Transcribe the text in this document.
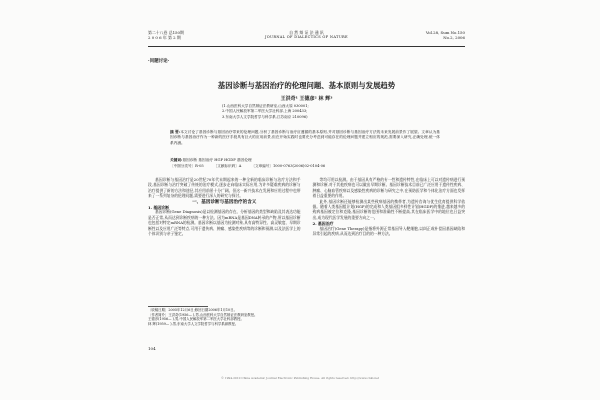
第二十八卷 总150期
2 0 0 6 年 第 2 期
自 然 辩 证 法 通 讯
JOURNAL OF DIALECTICS OF NATURE
Vol.28, Sum No.150
No.2, 2006
·问题讨论·
基因诊断与基因治疗的伦理问题、基本原则与发展趋势
王洪奇¹ 王德彦² 林 辉³
(1.山西医科大学自然辩证法教研室,山西太原 030001;
2.中国人民解放军第二军医大学社科部,上海 200433;
3.东南大学人文学院哲学与科学系,江苏南京 210096)
摘 要:本文讨论了基因诊断与基因治疗带来的伦理问题,分析了基因诊断与治疗应遵循的基本原则,并对基因诊断与基因治疗方法的未来发展前景作了展望。文章认为基因诊断与基因治疗作为一种新的医疗手段具有巨大的应用前景,但在开始实践时也要充分考虑到可能存在的伦理问题并建立相应的规范,需要深入研究,正确处理,统一体系内涵。
关键词:基因诊断 基因治疗 HGP HGDP 基因伦理
〔中图分类号〕R-05	〔文献标识码〕A	〔文章编号〕1000-0763(2006)02-0104-06

基因诊断与基因治疗是20世纪70年代末期起来的一种全新的临床诊断与治疗方法和手段,基因诊断与治疗突破了传统的治疗模式,逐步走向临床实际应用,为许多疑难疾病的诊断与治疗提供了新的方法和途径,其应用前景十分广阔。但这一新兴技术在发展和应用过程中也带来了一系列复杂的伦理问题,需要进行深入的研究与探讨。

一、基因诊断与基因治疗的含义

1. 基因诊断

基因诊断(Gene Diagnosis)是以检测基因的存在、分析基因的类型和缺陷及其表达功能是否正常,从而达到诊断疾病的一种方法。因为mRNA是基因DNA转录的产物,所以基因诊断也包括对特定mRNA的检测。基因诊断以基因为检测对象,具有高特异性、高灵敏度、早期诊断性以及应用广泛等特点,可用于遗传病、肿瘤、感染性疾病等的诊断和预测,以及法医学上的个体识别与亲子鉴定。

等均可用以检测。由于基因具有严格的专一性和遗传特性,在临床上可以对遗传病进行预测和诊断,对于其他疾病也可以做出早期诊断。基因诊断技术目前已广泛应用于遗传性疾病、肿瘤、心脑血管疾病以及感染性疾病的诊断与研究之中,在预防医学和个体化治疗方面也发挥着日益重要的作用。

此外,基因诊断还能够检测出某些致病基因的携带者,为遗传咨询与优生优育提供科学依据。随着人类基因组计划(HGP)的完成和人类基因组多样性计划(HGDP)的推进,越来越多的致病基因被定位和克隆,基因诊断的范围和准确性不断提高,其在临床医学中的地位也日益突出,成为现代医学发展的重要方向之一。

2. 基因治疗

基因治疗(Gene Therapy)是指将外源正常基因导入靶细胞,以纠正或补偿因基因缺陷和异常引起的疾病,从而达到治疗目的的一种方法。

〔收稿日期〕2005年12月6日;修回日期2006年1月10日。
〔作者简介〕王洪奇(1956— ),男,山西医科大学自然辩证法教研室教授。
王德彦(1956— ),男,中国人民解放军第二军医大学社科部教授。
林 辉(1959— ),男,东南大学人文学院哲学与科学系副教授。
104
© 1994-2010 China Academic Journal Electronic Publishing House. All rights reserved. http://www.cnki.net
